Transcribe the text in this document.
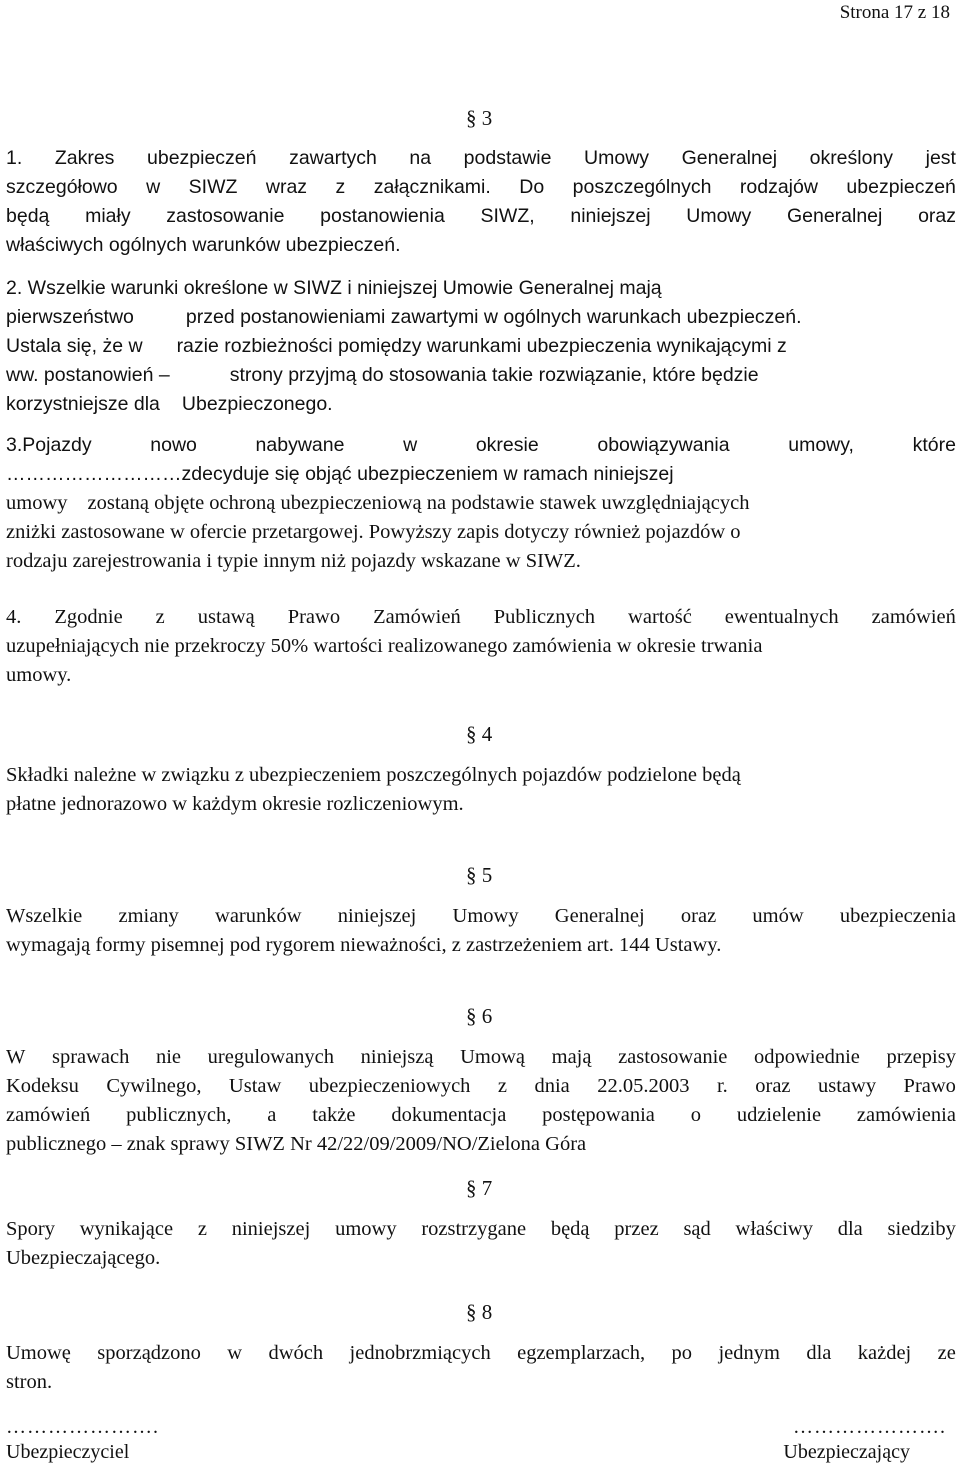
Strona 17 z 18
§ 3
1. Zakres ubezpieczeń zawartych na podstawie Umowy Generalnej określony jest
szczegółowo w SIWZ wraz z załącznikami. Do poszczególnych rodzajów ubezpieczeń
będą miały zastosowanie postanowienia SIWZ, niniejszej Umowy Generalnej oraz
właściwych ogólnych warunków ubezpieczeń.
2. Wszelkie warunki określone w SIWZ i niniejszej Umowie Generalnej mają
pierwszeństwo	przed postanowieniami zawartymi w ogólnych warunkach ubezpieczeń.
Ustala się, że w razie rozbieżności pomiędzy warunkami ubezpieczenia wynikającymi z
ww. postanowień –	strony przyjmą do stosowania takie rozwiązanie, które będzie
korzystniejsze dla Ubezpieczonego.
3.Pojazdy	nowo	nabywane	w	okresie	obowiązywania	umowy,	które
………………………zdecyduje się objąć ubezpieczeniem w ramach niniejszej
umowy zostaną objęte ochroną ubezpieczeniową na podstawie stawek uwzględniających
zniżki zastosowane w ofercie przetargowej. Powyższy zapis dotyczy również pojazdów o
rodzaju zarejestrowania i typie innym niż pojazdy wskazane w SIWZ.
4. Zgodnie z ustawą Prawo Zamówień Publicznych wartość ewentualnych zamówień
uzupełniających nie przekroczy 50% wartości realizowanego zamówienia w okresie trwania
umowy.
§ 4
Składki należne w związku z ubezpieczeniem poszczególnych pojazdów podzielone będą
płatne jednorazowo w każdym okresie rozliczeniowym.
§ 5
Wszelkie zmiany warunków niniejszej Umowy Generalnej oraz umów ubezpieczenia
wymagają formy pisemnej pod rygorem nieważności, z zastrzeżeniem art. 144 Ustawy.
§ 6
W sprawach nie uregulowanych niniejszą Umową mają zastosowanie odpowiednie przepisy
Kodeksu Cywilnego, Ustaw ubezpieczeniowych z dnia 22.05.2003 r. oraz ustawy Prawo
zamówień publicznych, a także dokumentacja postępowania o udzielenie zamówienia
publicznego – znak sprawy SIWZ Nr 42/22/09/2009/NO/Zielona Góra
§ 7
Spory wynikające z niniejszej umowy rozstrzygane będą przez sąd właściwy dla siedziby
Ubezpieczającego.
§ 8
Umowę sporządzono w dwóch jednobrzmiących egzemplarzach, po jednym dla każdej ze
stron.
………………….
Ubezpieczyciel
………………….
Ubezpieczający
